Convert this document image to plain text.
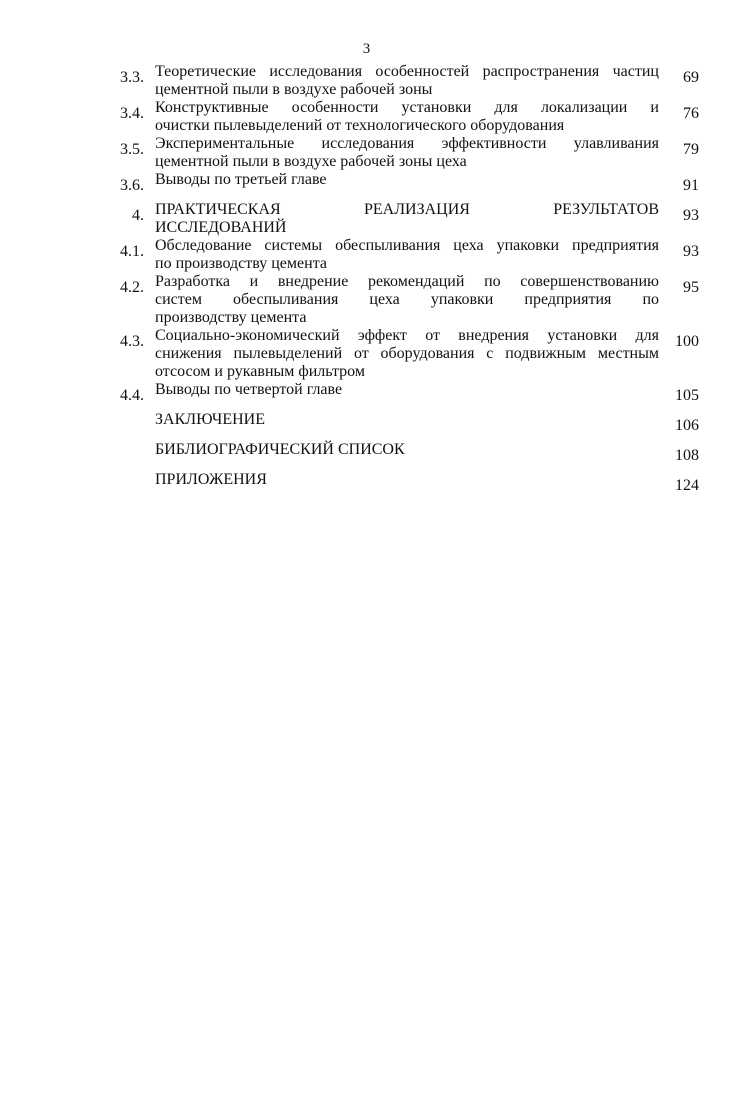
3
3.3. Теоретические исследования особенностей распространения частиц
цементной пыли в воздухе рабочей зоны
69
3.4. Конструктивные особенности установки для локализации и
очистки пылевыделений от технологического оборудования
76
3.5. Экспериментальные исследования эффективности улавливания
цементной пыли в воздухе рабочей зоны цеха
79
3.6. Выводы по третьей главе	91
4. ПРАКТИЧЕСКАЯ РЕАЛИЗАЦИЯ РЕЗУЛЬТАТОВ
ИССЛЕДОВАНИЙ
93
4.1. Обследование системы обеспыливания цеха упаковки предприятия
по производству цемента
93
4.2. Разработка и внедрение рекомендаций по совершенствованию
систем обеспыливания цеха упаковки предприятия по
производству цемента
95
4.3. Социально-экономический эффект от внедрения установки для
снижения пылевыделений от оборудования с подвижным местным
отсосом и рукавным фильтром
100
4.4. Выводы по четвертой главе	105
ЗАКЛЮЧЕНИЕ	106
БИБЛИОГРАФИЧЕСКИЙ СПИСОК	108
ПРИЛОЖЕНИЯ	124
